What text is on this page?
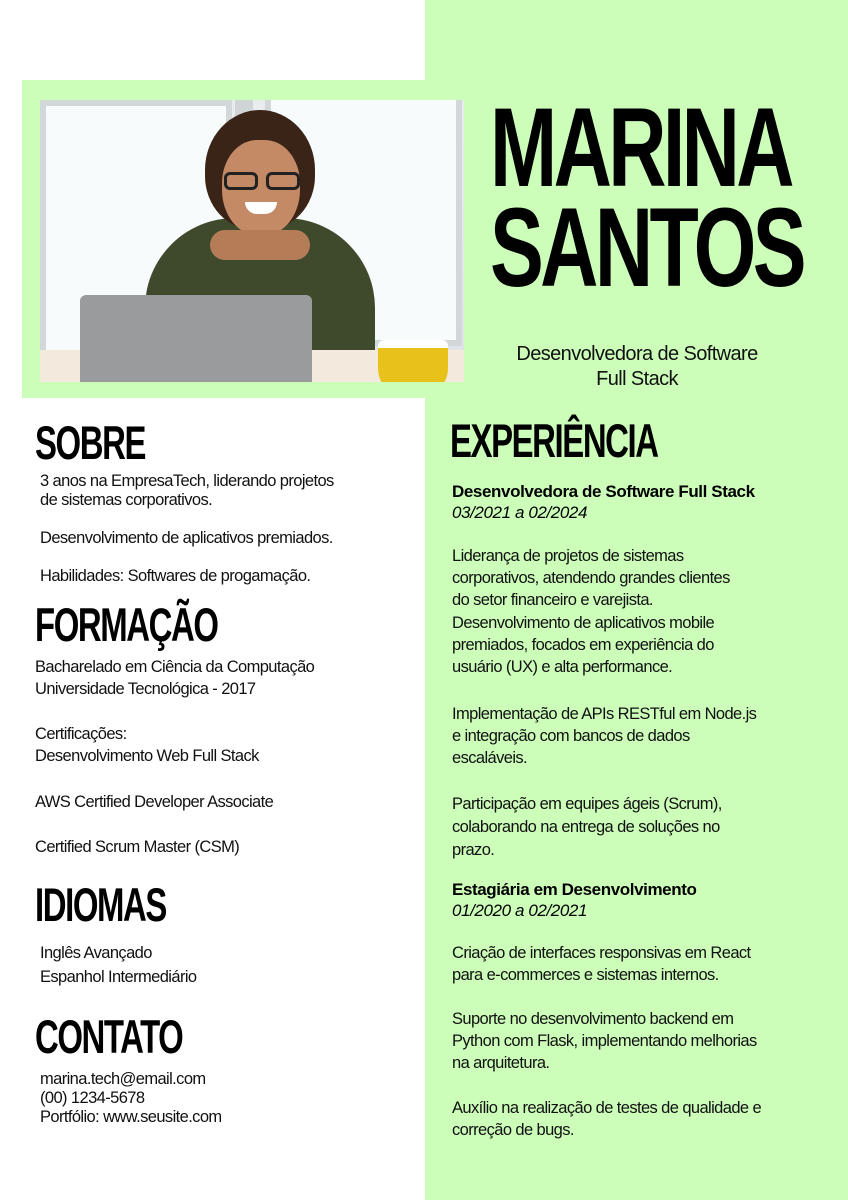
MARINA
SANTOS
Desenvolvedora de Software
Full Stack
SOBRE
3 anos na EmpresaTech, liderando projetos
de sistemas corporativos.
Desenvolvimento de aplicativos premiados.
Habilidades: Softwares de progamação.
FORMAÇÃO
Bacharelado em Ciência da Computação
Universidade Tecnológica - 2017
Certificações:
Desenvolvimento Web Full Stack
AWS Certified Developer Associate
Certified Scrum Master (CSM)
IDIOMAS
Inglês Avançado
Espanhol Intermediário
CONTATO
marina.tech@email.com
(00) 1234-5678
Portfólio: www.seusite.com
EXPERIÊNCIA
Desenvolvedora de Software Full Stack
03/2021 a 02/2024
Liderança de projetos de sistemas
corporativos, atendendo grandes clientes
do setor financeiro e varejista.
Desenvolvimento de aplicativos mobile
premiados, focados em experiência do
usuário (UX) e alta performance.
Implementação de APIs RESTful em Node.js
e integração com bancos de dados
escaláveis.
Participação em equipes ágeis (Scrum),
colaborando na entrega de soluções no
prazo.
Estagiária em Desenvolvimento
01/2020 a 02/2021
Criação de interfaces responsivas em React
para e-commerces e sistemas internos.
Suporte no desenvolvimento backend em
Python com Flask, implementando melhorias
na arquitetura.
Auxílio na realização de testes de qualidade e
correção de bugs.
